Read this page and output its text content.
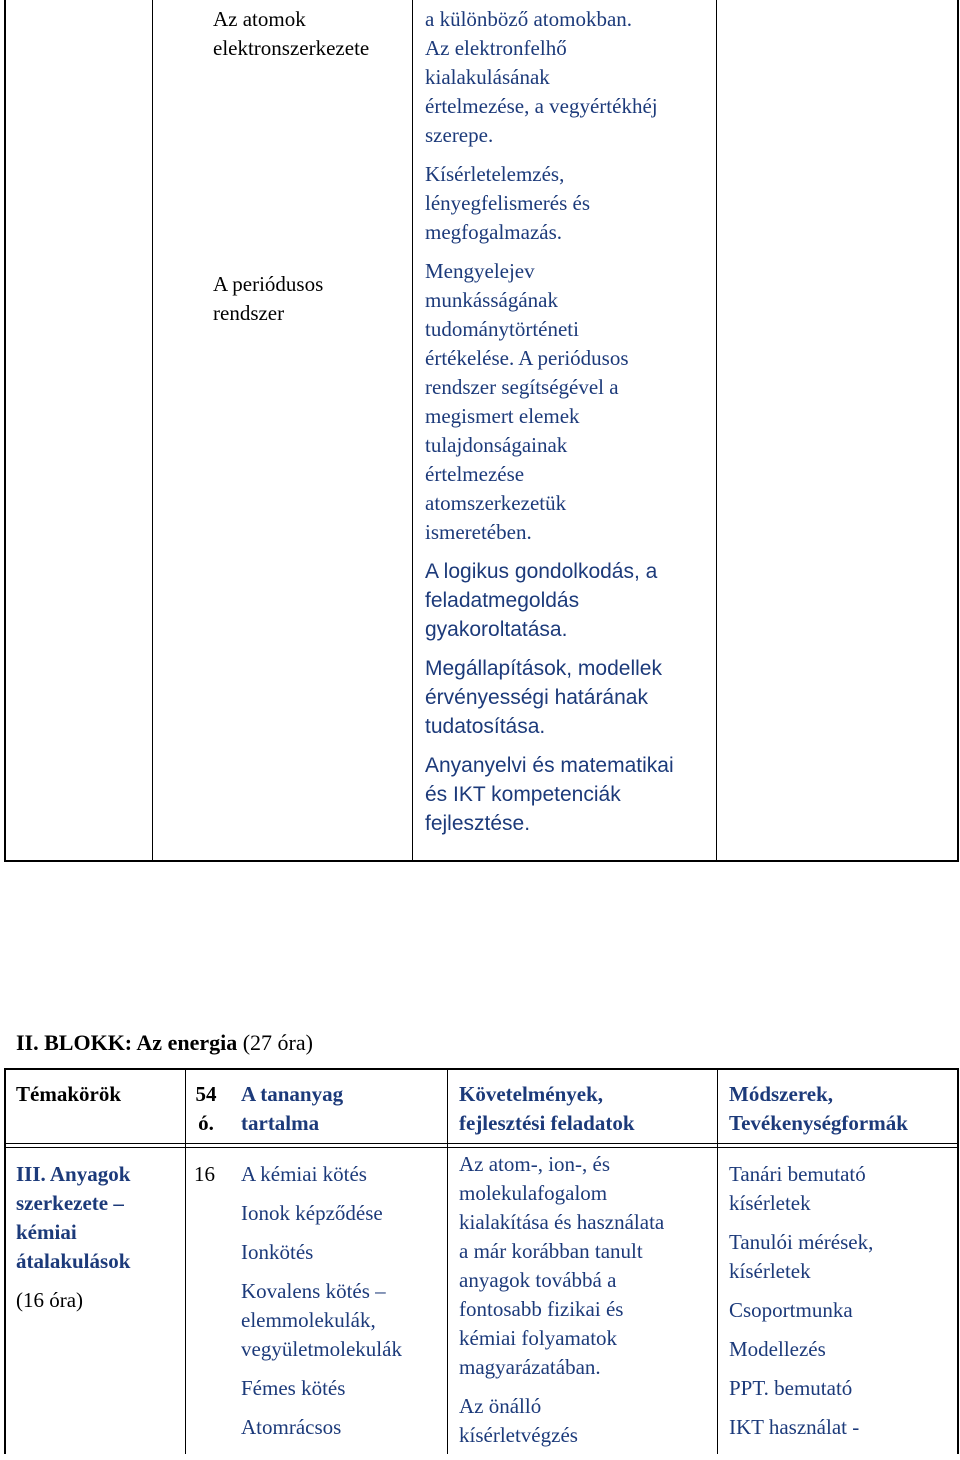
Az atomok
elektronszerkezete
A periódusos
rendszer
a különböző atomokban.
Az elektronfelhő
kialakulásának
értelmezése, a vegyértékhéj
szerepe.
Kísérletelemzés,
lényegfelismerés és
megfogalmazás.
Mengyelejev
munkásságának
tudománytörténeti
értékelése. A periódusos
rendszer segítségével a
megismert elemek
tulajdonságainak
értelmezése
atomszerkezetük
ismeretében.
A logikus gondolkodás, a
feladatmegoldás
gyakoroltatása.
Megállapítások, modellek
érvényességi határának
tudatosítása.
Anyanyelvi és matematikai
és IKT kompetenciák
fejlesztése.
II. BLOKK: Az energia (27 óra)
Témakörök	54
ó.
A tananyag
tartalma
Követelmények,
fejlesztési feladatok
Módszerek,
Tevékenységformák
III. Anyagok
szerkezete –
kémiai
átalakulások
(16 óra)
16 A kémiai kötés
Ionok képződése
Ionkötés
Kovalens kötés –
elemmolekulák,
vegyületmolekulák
Fémes kötés
Atomrácsos
Az atom-, ion-, és
molekulafogalom
kialakítása és használata
a már korábban tanult
anyagok továbbá a
fontosabb fizikai és
kémiai folyamatok
magyarázatában.
Az önálló
kísérletvégzés
Tanári bemutató
kísérletek
Tanulói mérések,
kísérletek
Csoportmunka
Modellezés
PPT. bemutató
IKT használat -
